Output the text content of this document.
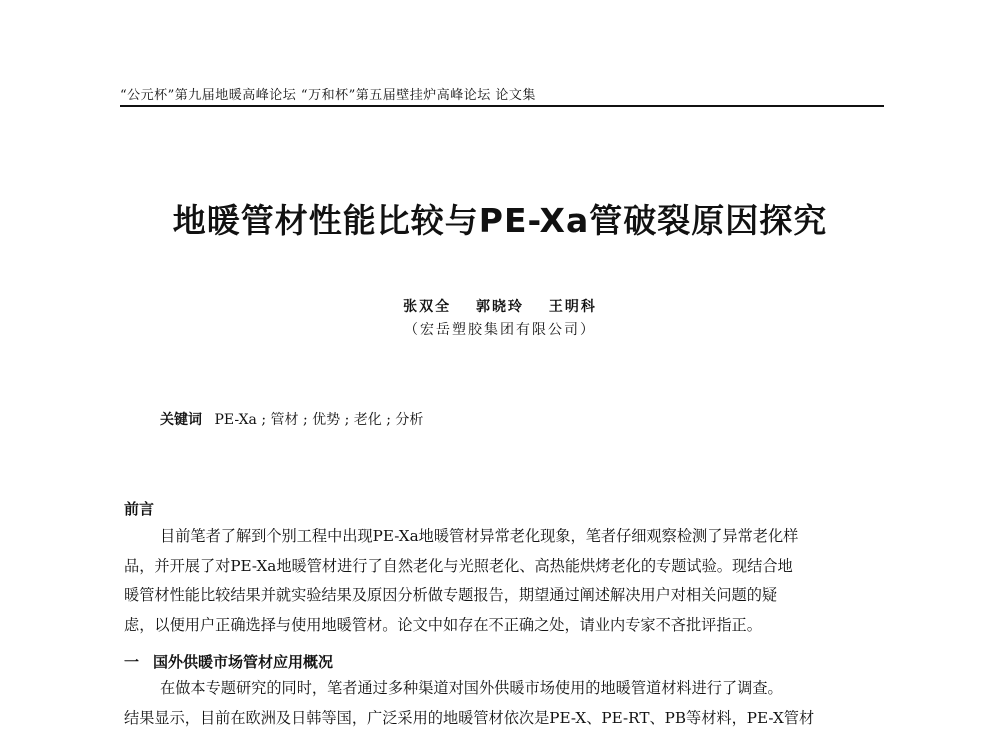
“公元杯”第九届地暖高峰论坛 “万和杯”第五届壁挂炉高峰论坛 论文集
地暖管材性能比较与PE-Xa管破裂原因探究
张双全 郭晓玲 王明科
（宏岳塑胶集团有限公司）
关键词 PE-Xa ; 管材 ; 优势 ; 老化 ; 分析
前言

目前笔者了解到个别工程中出现PE-Xa地暖管材异常老化现象，笔者仔细观察检测了异常老化样

品，并开展了对PE-Xa地暖管材进行了自然老化与光照老化、高热能烘烤老化的专题试验。现结合地

暖管材性能比较结果并就实验结果及原因分析做专题报告，期望通过阐述解决用户对相关问题的疑

虑，以便用户正确选择与使用地暖管材。论文中如存在不正确之处，请业内专家不吝批评指正。

一 国外供暖市场管材应用概况

在做本专题研究的同时，笔者通过多种渠道对国外供暖市场使用的地暖管道材料进行了调查。

结果显示，目前在欧洲及日韩等国，广泛采用的地暖管材依次是PE-X、PE-RT、PB等材料，PE-X管材
